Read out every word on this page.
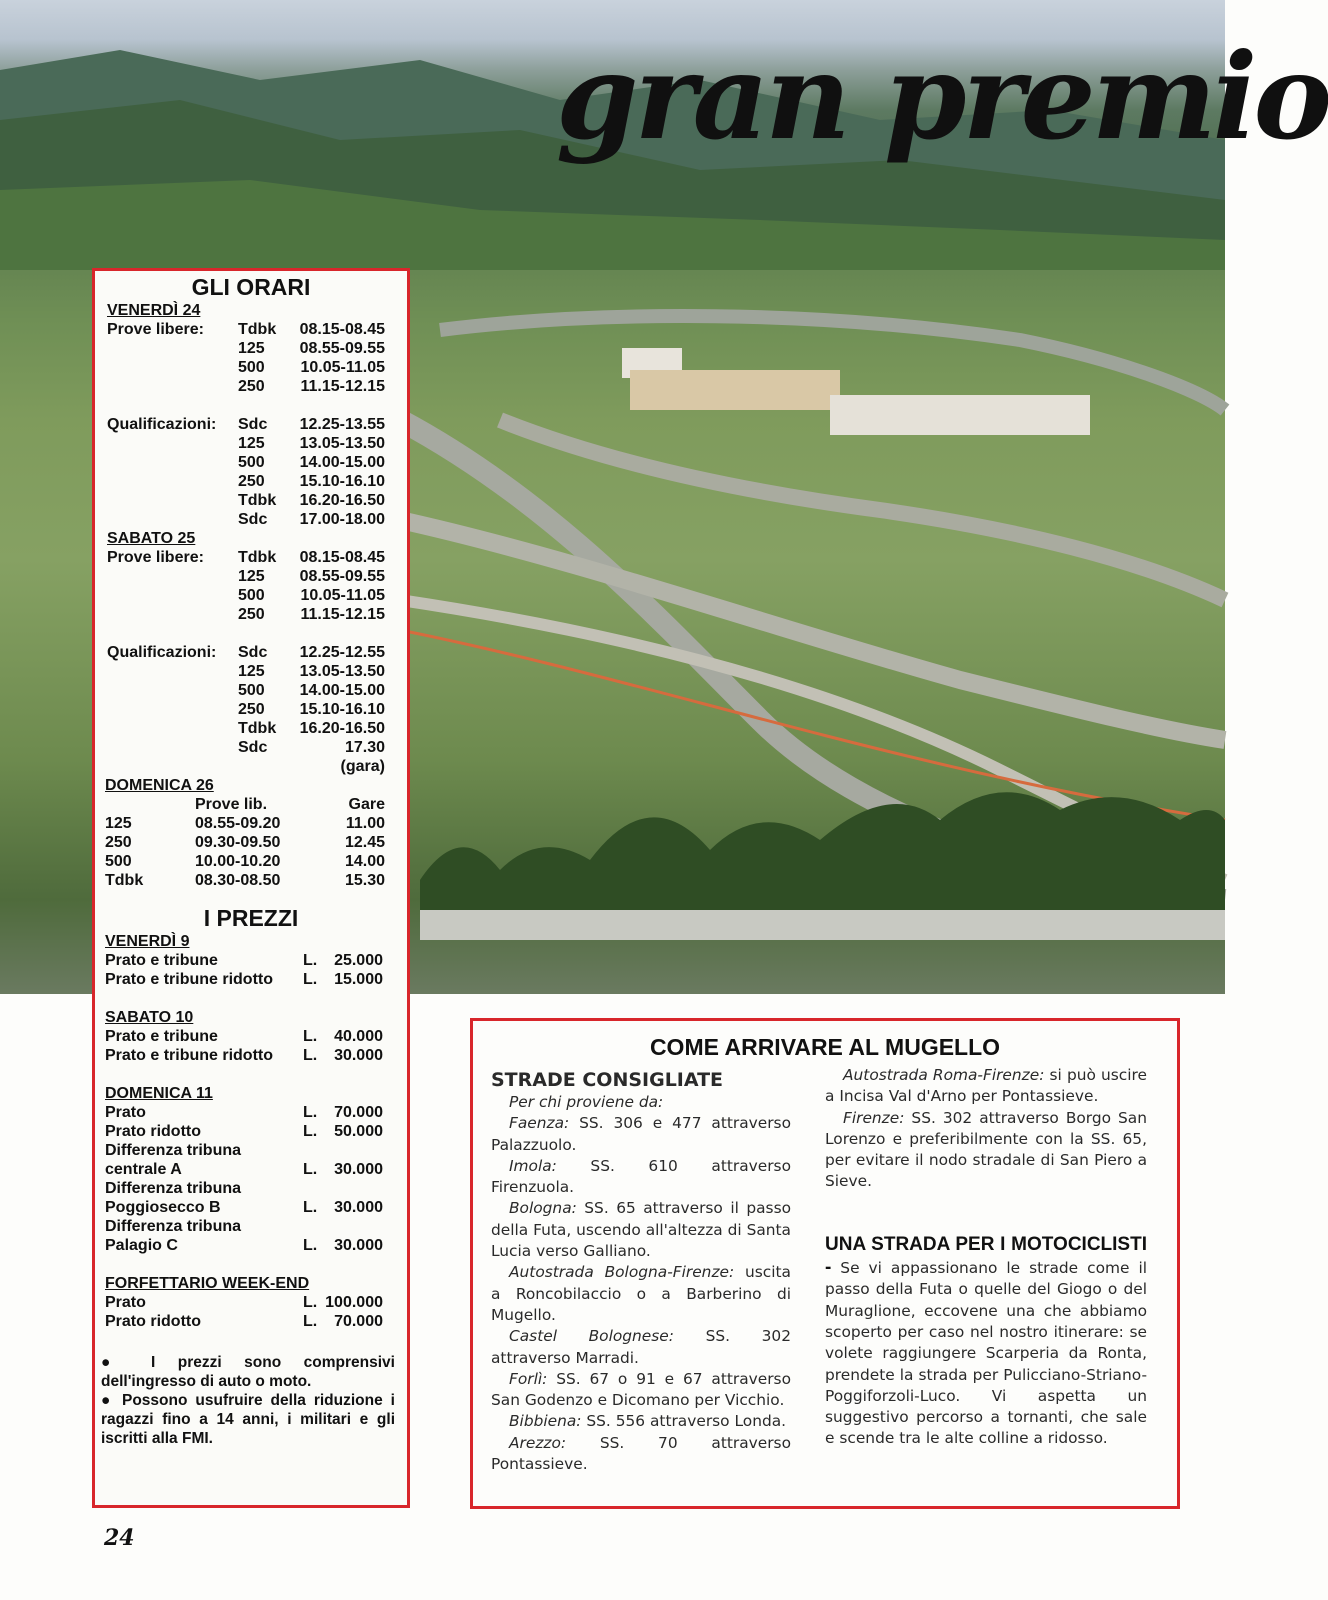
gran premio
GLI ORARI
VENERDÌ 24
Prove libere: Tdbk 08.15-08.45
125 08.55-09.55
500 10.05-11.05
250 11.15-12.15
Qualificazioni: Sdc 12.25-13.55
125 13.05-13.50
500 14.00-15.00
250 15.10-16.10
Tdbk 16.20-16.50
Sdc 17.00-18.00
SABATO 25
Prove libere: Tdbk 08.15-08.45
125 08.55-09.55
500 10.05-11.05
250 11.15-12.15
Qualificazioni: Sdc 12.25-12.55
125 13.05-13.50
500 14.00-15.00
250 15.10-16.10
Tdbk 16.20-16.50
Sdc	17.30
(gara)
DOMENICA 26
Prove lib.	Gare
125	08.55-09.20	11.00
250	09.30-09.50	12.45
500	10.00-10.20	14.00
Tdbk	08.30-08.50	15.30
I PREZZI
VENERDÌ 9
Prato e tribune	L. 25.000
Prato e tribune ridotto L. 15.000
SABATO 10
Prato e tribune	L. 40.000
Prato e tribune ridotto L. 30.000
DOMENICA 11
Prato	L. 70.000
Prato ridotto	L. 50.000
Differenza tribuna
centrale A	L. 30.000
Differenza tribuna
Poggiosecco B	L. 30.000
Differenza tribuna
Palagio C	L. 30.000
FORFETTARIO WEEK-END
Prato	L. 100.000
Prato ridotto	L. 70.000

● I prezzi sono comprensivi dell'ingresso di auto o moto.

● Possono usufruire della riduzione i ragazzi fino a 14 anni, i militari e gli iscritti alla FMI.

COME ARRIVARE AL MUGELLO
STRADE CONSIGLIATE

Per chi proviene da:

Faenza: SS. 306 e 477 attraverso Palazzuolo.

Imola: SS. 610 attraverso Firenzuola.

Bologna: SS. 65 attraverso il passo della Futa, uscendo all'altezza di Santa Lucia verso Galliano.

Autostrada Bologna-Firenze: uscita a Roncobilaccio o a Barberino di Mugello.

Castel Bolognese: SS. 302 attraverso Marradi.

Forlì: SS. 67 o 91 e 67 attraverso San Godenzo e Dicomano per Vicchio.

Bibbiena: SS. 556 attraverso Londa.

Arezzo: SS. 70 attraverso Pontassieve.

Autostrada Roma-Firenze: si può uscire a Incisa Val d'Arno per Pontassieve.

Firenze: SS. 302 attraverso Borgo San Lorenzo e preferibilmente con la SS. 65, per evitare il nodo stradale di San Piero a Sieve.

UNA STRADA PER I MOTOCICLISTI - Se vi appassionano le strade come il passo della Futa o quelle del Giogo o del Muraglione, eccovene una che abbiamo scoperto per caso nel nostro itinerare: se volete raggiungere Scarperia da Ronta, prendete la strada per Pulicciano-Striano-Poggiforzoli-Luco. Vi aspetta un suggestivo percorso a tornanti, che sale e scende tra le alte colline a ridosso.

24
